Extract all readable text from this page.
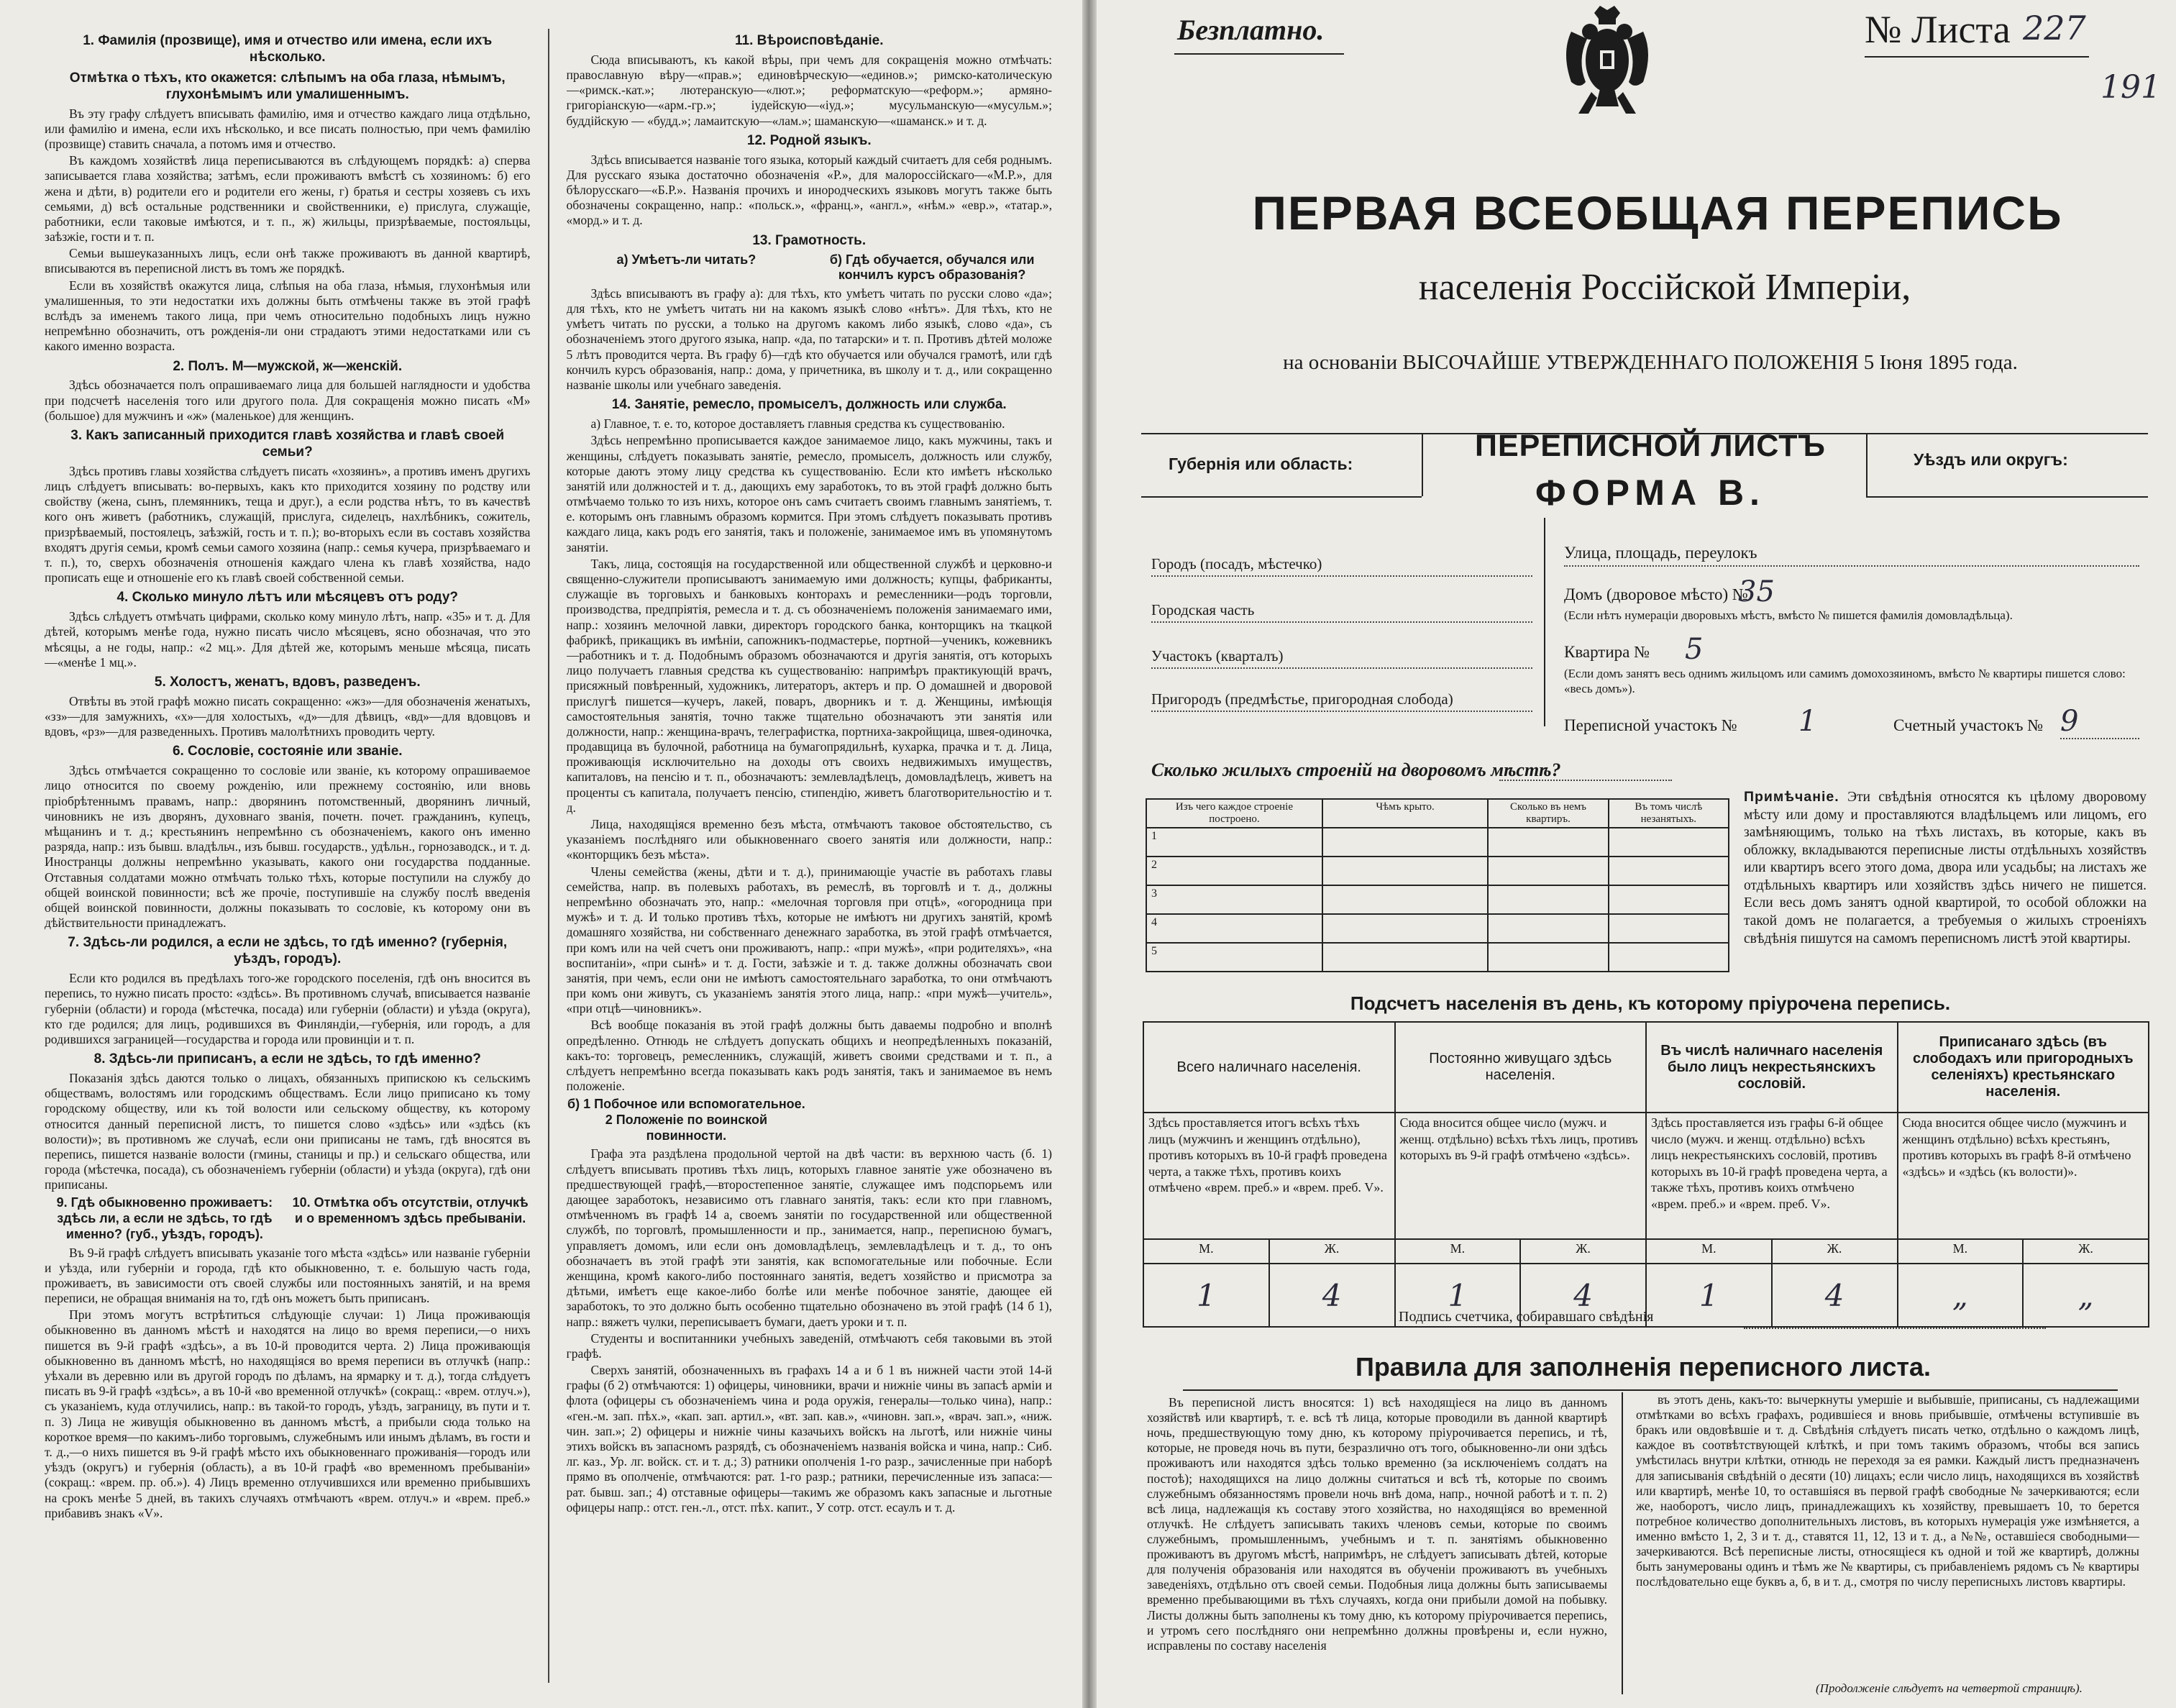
1. Фамилія (прозвище), имя и отчество или имена, если ихъ нѣсколько.
Отмѣтка о тѣхъ, кто окажется: слѣпымъ на оба глаза, нѣмымъ, глухонѣмымъ или умалишеннымъ.

Въ эту графу слѣдуетъ вписывать фамилію, имя и отчество каждаго лица отдѣльно, или фамилію и имена, если ихъ нѣсколько, и все писать полностью, при чемъ фамилію (прозвище) ставить сначала, а потомъ имя и отчество.

Въ каждомъ хозяйствѣ лица переписываются въ слѣдующемъ порядкѣ: а) сперва записывается глава хозяйства; затѣмъ, если проживаютъ вмѣстѣ съ хозяиномъ: б) его жена и дѣти, в) родители его и родители его жены, г) братья и сестры хозяевъ съ ихъ семьями, д) всѣ остальные родственники и свойственники, е) прислуга, служащіе, работники, если таковые имѣются, и т. п., ж) жильцы, призрѣваемые, постояльцы, заѣзжіе, гости и т. п.

Семьи вышеуказанныхъ лицъ, если онѣ также проживаютъ въ данной квартирѣ, вписываются въ переписной листъ въ томъ же порядкѣ.

Если въ хозяйствѣ окажутся лица, слѣпыя на оба глаза, нѣмыя, глухонѣмыя или умалишенныя, то эти недостатки ихъ должны быть отмѣчены также въ этой графѣ вслѣдъ за именемъ такого лица, при чемъ относительно подобныхъ лицъ нужно непремѣнно обозначить, отъ рожденія-ли они страдаютъ этими недостатками или съ какого именно возраста.

2. Полъ. М—мужской, ж—женскій.

Здѣсь обозначается полъ опрашиваемаго лица для большей наглядности и удобства при подсчетѣ населенія того или другого пола. Для сокращенія можно писать «М» (большое) для мужчинъ и «ж» (маленькое) для женщинъ.

3. Какъ записанный приходится главѣ хозяйства и главѣ своей семьи?

Здѣсь противъ главы хозяйства слѣдуетъ писать «хозяинъ», а противъ именъ другихъ лицъ слѣдуетъ вписывать: во-первыхъ, какъ кто приходится хозяину по родству или свойству (жена, сынъ, племянникъ, теща и друг.), а если родства нѣтъ, то въ качествѣ кого онъ живетъ (работникъ, служащій, прислуга, сиделецъ, нахлѣбникъ, сожитель, призрѣваемый, постоялецъ, заѣзжій, гость и т. п.); во-вторыхъ если въ составъ хозяйства входятъ другія семьи, кромѣ семьи самого хозяина (напр.: семья кучера, призрѣваемаго и т. п.), то, сверхъ обозначенія отношенія каждаго члена къ главѣ хозяйства, надо прописать еще и отношеніе его къ главѣ своей собственной семьи.

4. Сколько минуло лѣтъ или мѣсяцевъ отъ роду?

Здѣсь слѣдуетъ отмѣчать цифрами, сколько кому минуло лѣтъ, напр. «35» и т. д. Для дѣтей, которымъ менѣе года, нужно писать число мѣсяцевъ, ясно обозначая, что это мѣсяцы, а не годы, напр.: «2 мц.». Для дѣтей же, которымъ меньше мѣсяца, писать—«менѣе 1 мц.».

5. Холостъ, женатъ, вдовъ, разведенъ.

Отвѣты въ этой графѣ можно писать сокращенно: «жз»—для обозначенія женатыхъ, «зз»—для замужнихъ, «х»—для холостыхъ, «д»—для дѣвицъ, «вд»—для вдовцовъ и вдовъ, «рз»—для разведенныхъ. Противъ малолѣтнихъ проводить черту.

6. Сословіе, состояніе или званіе.

Здѣсь отмѣчается сокращенно то сословіе или званіе, къ которому опрашиваемое лицо относится по своему рожденію, или прежнему состоянію, или вновь пріобрѣтеннымъ правамъ, напр.: дворянинъ потомственный, дворянинъ личный, чиновникъ не изъ дворянъ, духовнаго званія, почетн. почет. гражданинъ, купецъ, мѣщанинъ и т. д.; крестьянинъ непремѣнно съ обозначеніемъ, какого онъ именно разряда, напр.: изъ бывш. владѣльч., изъ бывш. государств., удѣльн., горнозаводск., и т. д. Иностранцы должны непремѣнно указывать, какого они государства подданные. Отставныя солдатами можно отмѣчать только тѣхъ, которые поступили на службу до общей воинской повинности; всѣ же прочіе, поступившіе на службу послѣ введенія общей воинской повинности, должны показывать то сословіе, къ которому они въ дѣйствительности принадлежатъ.

7. Здѣсь-ли родился, а если не здѣсь, то гдѣ именно? (губернія, уѣздъ, городъ).

Если кто родился въ предѣлахъ того-же городского поселенія, гдѣ онъ вносится въ перепись, то нужно писать просто: «здѣсь». Въ противномъ случаѣ, вписывается названіе губерніи (области) и города (мѣстечка, посада) или губерніи (области) и уѣзда (округа), кто где родился; для лицъ, родившихся въ Финляндіи,—губернія, или городъ, а для родившихся заграницей—государства и города или провинціи и т. п.

8. Здѣсь-ли приписанъ, а если не здѣсь, то гдѣ именно?

Показанія здѣсь даются только о лицахъ, обязанныхъ припискою къ сельскимъ обществамъ, волостямъ или городскимъ обществамъ. Если лицо приписано къ тому городскому обществу, или къ той волости или сельскому обществу, къ которому относится данный переписной листъ, то пишется слово «здѣсь» или «здѣсь (къ волости)»; въ противномъ же случаѣ, если они приписаны не тамъ, гдѣ вносятся въ перепись, пишется названіе волости (гмины, станицы и пр.) и сельскаго общества, или города (мѣстечка, посада), съ обозначеніемъ губерніи (области) и уѣзда (округа), гдѣ они приписаны.

9. Гдѣ обыкновенно проживаетъ: здѣсь ли, а если не здѣсь, то гдѣ именно? (губ., уѣздъ, городъ).
10. Отмѣтка объ отсутствіи, отлучкѣ и о временномъ здѣсь пребываніи.

Въ 9-й графѣ слѣдуетъ вписывать указаніе того мѣста «здѣсь» или названіе губерніи и уѣзда, или губерніи и города, гдѣ кто обыкновенно, т. е. большую часть года, проживаетъ, въ зависимости отъ своей службы или постоянныхъ занятій, и на время переписи, не обращая вниманія на то, гдѣ онъ можетъ быть приписанъ.

При этомъ могутъ встрѣтиться слѣдующіе случаи: 1) Лица проживающія обыкновенно въ данномъ мѣстѣ и находятся на лицо во время переписи,—о нихъ пишется въ 9-й графѣ «здѣсь», а въ 10-й проводится черта. 2) Лица проживающія обыкновенно въ данномъ мѣстѣ, но находящіяся во время переписи въ отлучкѣ (напр.: уѣхали въ деревню или въ другой городъ по дѣламъ, на ярмарку и т. д.), тогда слѣдуетъ писать въ 9-й графѣ «здѣсь», а въ 10-й «во временной отлучкѣ» (сокращ.: «врем. отлуч.»), съ указаніемъ, куда отлучились, напр.: въ такой-то городъ, уѣздъ, заграницу, въ пути и т. п. 3) Лица не живущія обыкновенно въ данномъ мѣстѣ, а прибыли сюда только на короткое время—по какимъ-либо торговымъ, служебнымъ или инымъ дѣламъ, въ гости и т. д.,—о нихъ пишется въ 9-й графѣ мѣсто ихъ обыкновеннаго проживанія—городъ или уѣздъ (округъ) и губернія (область), а въ 10-й графѣ «во временномъ пребываніи» (сокращ.: «врем. пр. об.»). 4) Лицъ временно отлучившихся или временно прибывшихъ на срокъ менѣе 5 дней, въ такихъ случаяхъ отмѣчаютъ «врем. отлуч.» и «врем. преб.» прибавивъ знакъ «V».

11. Вѣроисповѣданіе.

Сюда вписываютъ, къ какой вѣры, при чемъ для сокращенія можно отмѣчать: православную вѣру—«прав.»; единовѣрческую—«единов.»; римско-католическую—«римск.-кат.»; лютеранскую—«лют.»; реформатскую—«реформ.»; армяно-григоріанскую—«арм.-гр.»; іудейскую—«іуд.»; мусульманскую—«мусульм.»; буддійскую — «будд.»; ламаитскую—«лам.»; шаманскую—«шаманск.» и т. д.

12. Родной языкъ.

Здѣсь вписывается названіе того языка, который каждый считаетъ для себя роднымъ. Для русскаго языка достаточно обозначенія «Р.», для малороссійскаго—«М.Р.», для бѣлорусскаго—«Б.Р.». Названія прочихъ и инородческихъ языковъ могутъ также быть обозначены сокращенно, напр.: «польск.», «франц.», «англ.», «нѣм.» «евр.», «татар.», «морд.» и т. д.

13. Грамотность.
а) Умѣетъ-ли читать?	б) Гдѣ обучается, обучался или кончилъ курсъ образованія?

Здѣсь вписываютъ въ графу а): для тѣхъ, кто умѣетъ читать по русски слово «да»; для тѣхъ, кто не умѣетъ читать ни на какомъ языкѣ слово «нѣтъ». Для тѣхъ, кто не умѣетъ читать по русски, а только на другомъ какомъ либо языкѣ, слово «да», съ обозначеніемъ этого другого языка, напр. «да, по татарски» и т. п. Противъ дѣтей моложе 5 лѣтъ проводится черта. Въ графу б)—гдѣ кто обучается или обучался грамотѣ, или гдѣ кончилъ курсъ образованія, напр.: дома, у причетника, въ школу и т. д., или сокращенно названіе школы или учебнаго заведенія.

14. Занятіе, ремесло, промыселъ, должность или служба.

а) Главное, т. е. то, которое доставляетъ главныя средства къ существованію.

Здѣсь непремѣнно прописывается каждое занимаемое лицо, какъ мужчины, такъ и женщины, слѣдуетъ показывать занятіе, ремесло, промыселъ, должность или службу, которые даютъ этому лицу средства къ существованію. Если кто имѣетъ нѣсколько занятій или должностей и т. д., дающихъ ему заработокъ, то въ этой графѣ должно быть отмѣчаемо только то изъ нихъ, которое онъ самъ считаетъ своимъ главнымъ занятіемъ, т. е. которымъ онъ главнымъ образомъ кормится. При этомъ слѣдуетъ показывать противъ каждаго лица, какъ родъ его занятія, такъ и положеніе, занимаемое имъ въ упомянутомъ занятіи.

Такъ, лица, состоящія на государственной или общественной службѣ и церковно-и священно-служители прописываютъ занимаемую ими должность; купцы, фабриканты, служащіе въ торговыхъ и банковыхъ конторахъ и ремесленники—родъ торговли, производства, предпріятія, ремесла и т. д. съ обозначеніемъ положенія занимаемаго ими, напр.: хозяинъ мелочной лавки, директоръ городского банка, конторщикъ на ткацкой фабрикѣ, прикащикъ въ имѣніи, сапожникъ-подмастерье, портной—ученикъ, кожевникъ—работникъ и т. д. Подобнымъ образомъ обозначаются и другія занятія, отъ которыхъ лицо получаетъ главныя средства къ существованію: напримѣръ практикующій врачъ, присяжный повѣренный, художникъ, литераторъ, актеръ и пр. О домашней и дворовой прислугѣ пишется—кучеръ, лакей, поваръ, дворникъ и т. д. Женщины, имѣющія самостоятельныя занятія, точно также тщательно обозначаютъ эти занятія или должности, напр.: женщина-врачъ, телеграфистка, портниха-закройщица, швея-одиночка, продавщица въ булочной, работница на бумагопрядильнѣ, кухарка, прачка и т. д. Лица, проживающія исключительно на доходы отъ своихъ недвижимыхъ имуществъ, капиталовъ, на пенсію и т. п., обозначаютъ: землевладѣлецъ, домовладѣлецъ, живетъ на проценты съ капитала, получаетъ пенсію, стипендію, живетъ благотворительностію и т. д.

Лица, находящіяся временно безъ мѣста, отмѣчаютъ таковое обстоятельство, съ указаніемъ послѣдняго или обыкновеннаго своего занятія или должности, напр.: «конторщикъ безъ мѣста».

Члены семейства (жены, дѣти и т. д.), принимающіе участіе въ работахъ главы семейства, напр. въ полевыхъ работахъ, въ ремеслѣ, въ торговлѣ и т. д., должны непремѣнно обозначать это, напр.: «мелочная торговля при отцѣ», «огородница при мужѣ» и т. д. И только противъ тѣхъ, которые не имѣютъ ни другихъ занятій, кромѣ домашняго хозяйства, ни собственнаго денежнаго заработка, въ этой графѣ отмѣчается, при комъ или на чей счетъ они проживаютъ, напр.: «при мужѣ», «при родителяхъ», «на воспитаніи», «при сынѣ» и т. д. Гости, заѣзжіе и т. д. также должны обозначать свои занятія, при чемъ, если они не имѣютъ самостоятельнаго заработка, то они отмѣчаютъ при комъ они живутъ, съ указаніемъ занятія этого лица, напр.: «при мужѣ—учитель», «при отцѣ—чиновникъ».

Всѣ вообще показанія въ этой графѣ должны быть даваемы подробно и вполнѣ опредѣленно. Отнюдь не слѣдуетъ допускать общихъ и неопредѣленныхъ показаній, какъ-то: торговецъ, ремесленникъ, служащій, живетъ своими средствами и т. п., а слѣдуетъ непремѣнно всегда показывать какъ родъ занятія, такъ и занимаемое въ немъ положеніе.

б) 1 Побочное или вспомогательное. 2 Положеніе по воинской повинности.

Графа эта раздѣлена продольной чертой на двѣ части: въ верхнюю часть (б. 1) слѣдуетъ вписывать противъ тѣхъ лицъ, которыхъ главное занятіе уже обозначено въ предшествующей графѣ,—второстепенное занятіе, служащее имъ подспорьемъ или дающее заработокъ, независимо отъ главнаго занятія, такъ: если кто при главномъ, отмѣченномъ въ графѣ 14 а, своемъ занятіи по государственной или общественной службѣ, по торговлѣ, промышленности и пр., занимается, напр., переписною бумагъ, управляетъ домомъ, или если онъ домовладѣлецъ, землевладѣлецъ и т. д., то онъ обозначаетъ въ этой графѣ эти занятія, как вспомогательные или побочные. Если женщина, кромѣ какого-либо постояннаго занятія, ведетъ хозяйство и присмотра за дѣтьми, имѣетъ еще какое-либо болѣе или менѣе побочное занятіе, дающее ей заработокъ, то это должно быть особенно тщательно обозначено въ этой графѣ (14 б 1), напр.: вяжетъ чулки, переписываетъ бумаги, даетъ уроки и т. п.

Студенты и воспитанники учебныхъ заведеній, отмѣчаютъ себя таковыми въ этой графѣ.

Сверхъ занятій, обозначенныхъ въ графахъ 14 а и б 1 въ нижней части этой 14-й графы (б 2) отмѣчаются: 1) офицеры, чиновники, врачи и нижніе чины въ запасѣ арміи и флота (офицеры съ обозначеніемъ чина и рода оружія, генералы—только чина), напр.: «ген.-м. зап. пѣх.», «кап. зап. артил.», «вт. зап. кав.», «чиновн. зап.», «врач. зап.», «ниж. чин. зап.»; 2) офицеры и нижніе чины казачьихъ войскъ на льготѣ, или нижніе чины этихъ войскъ въ запасномъ разрядѣ, съ обозначеніемъ названія войска и чина, напр.: Сиб. лг. каз., Ур. лг. войск. ст. и т. д.; 3) ратники ополченія 1-го разр., зачисленные при наборѣ прямо въ ополченіе, отмѣчаются: рат. 1-го разр.; ратники, перечисленные изъ запаса:—рат. бывш. зап.; 4) отставные офицеры—такимъ же образомъ какъ запасные и льготные офицеры напр.: отст. ген.-л., отст. пѣх. капит., У сотр. отст. есаулъ и т. д.

Безплатно.	№ Листа 227
191
ПЕРВАЯ ВСЕОБЩАЯ ПЕРЕПИСЬ
населенія Россійской Имперіи,
на основаніи ВЫСОЧАЙШЕ УТВЕРЖДЕННАГО ПОЛОЖЕНІЯ 5 Іюня 1895 года.
Губернія или область:
ПЕРЕПИСНОЙ ЛИСТЪ
ФОРМА В.
Уѣздъ или округъ:
Городъ (посадъ, мѣстечко)
Городская часть
Участокъ (кварталъ)
Пригородъ (предмѣстье, пригородная слобода)
Улица, площадь, переулокъ
Домъ (дворовое мѣсто) №
35
(Если нѣтъ нумераціи дворовыхъ мѣстъ, вмѣсто № пишется фамилія домовладѣльца).
Квартира № 5
(Если домъ занятъ весь однимъ жильцомъ или самимъ домохозяиномъ, вмѣсто № квартиры пишется слово: «весь домъ»).
Переписной участокъ № 1	Счетный участокъ № 9
Сколько жилыхъ строеній на дворовомъ мѣстѣ?
Изъ чего каждое строеніе построено.	Чѣмъ крыто.	Сколько въ немъ квартиръ.	Въ томъ числѣ незанятыхъ.
1			
2			
3			
4			
5			
Примѣчаніе. Эти свѣдѣнія относятся къ цѣлому дворовому мѣсту или дому и проставляются владѣльцемъ или лицомъ, его замѣняющимъ, только на тѣхъ листахъ, въ которые, какъ въ обложку, вкладываются переписные листы отдѣльныхъ хозяйствъ или квартиръ всего этого дома, двора или усадьбы; на листахъ же отдѣльныхъ квартиръ или хозяйствъ здѣсь ничего не пишется. Если весь домъ занятъ одной квартирой, то особой обложки на такой домъ не полагается, а требуемыя о жилыхъ строеніяхъ свѣдѣнія пишутся на самомъ переписномъ листѣ этой квартиры.
Подсчетъ населенія въ день, къ которому пріурочена перепись.
Всего наличнаго населенія.		Постоянно живущаго здѣсь населенія.		Въ числѣ наличнаго населенія было лицъ некрестьянскихъ сословій.		Приписанаго здѣсь (въ слободахъ или пригородныхъ селеніяхъ) крестьянскаго населенія.	
Здѣсь проставляется итогъ всѣхъ тѣхъ лицъ (мужчинъ и женщинъ отдѣльно), противъ которыхъ въ 10-й графѣ проведена черта, а также тѣхъ, противъ коихъ отмѣчено «врем. преб.» и «врем. преб. V».		Сюда вносится общее число (мужч. и женщ. отдѣльно) всѣхъ тѣхъ лицъ, противъ которыхъ въ 9-й графѣ отмѣчено «здѣсь».		Здѣсь проставляется изъ графы 6-й общее число (мужч. и женщ. отдѣльно) всѣхъ лицъ некрестьянскихъ сословій, противъ которыхъ въ 10-й графѣ проведена черта, а также тѣхъ, противъ коихъ отмѣчено «врем. преб.» и «врем. преб. V».		Сюда вносится общее число (мужчинъ и женщинъ отдѣльно) всѣхъ крестьянъ, противъ которыхъ въ графѣ 8-й отмѣчено «здѣсь» и «здѣсь (къ волости)».	
М.	Ж.	М.	Ж.	М.	Ж.	М.	Ж.
1	4	1	4	1	4	„	„
Подпись счетчика, собиравшаго свѣдѣнія
Правила для заполненія переписного листа.

Въ переписной листъ вносятся: 1) всѣ находящіеся на лицо въ данномъ хозяйствѣ или квартирѣ, т. е. всѣ тѣ лица, которые проводили въ данной квартирѣ ночь, предшествующую тому дню, къ которому пріурочивается перепись, и тѣ, которые, не проведя ночь въ пути, безразлично отъ того, обыкновенно-ли они здѣсь проживаютъ или находятся здѣсь только временно (за исключеніемъ солдатъ на постоѣ); находящихся на лицо должны считаться и всѣ тѣ, которые по своимъ служебнымъ обязанностямъ провели ночь внѣ дома, напр., ночной работѣ и т. п. 2) всѣ лица, надлежащія къ составу этого хозяйства, но находящіяся во временной отлучкѣ. Не слѣдуетъ записывать такихъ членовъ семьи, которые по своимъ служебнымъ, промышленнымъ, учебнымъ и т. п. занятіямъ обыкновенно проживаютъ въ другомъ мѣстѣ, напримѣръ, не слѣдуетъ записывать дѣтей, которые для полученія образованія или находятся въ обученіи проживаютъ въ учебныхъ заведеніяхъ, отдѣльно отъ своей семьи. Подобныя лица должны быть записываемы временно пребывающими въ тѣхъ случаяхъ, когда они прибыли домой на побывку. Листы должны быть заполнены къ тому дню, къ которому пріурочивается перепись, и утромъ сего послѣдняго они непремѣнно должны провѣрены и, если нужно, исправлены по составу населенія

въ этотъ день, какъ-то: вычеркнуты умершіе и выбывшіе, приписаны, съ надлежащими отмѣтками во всѣхъ графахъ, родившіеся и вновь прибывшіе, отмѣчены вступившіе въ бракъ или овдовѣвшіе и т. д. Свѣдѣнія слѣдуетъ писать четко, отдѣльно о каждомъ лицѣ, каждое въ соотвѣтствующей клѣткѣ, и при томъ такимъ образомъ, чтобы вся запись умѣстилась внутри клѣтки, отнюдь не переходя за ея рамки. Каждый листъ предназначенъ для записыванія свѣдѣній о десяти (10) лицахъ; если число лицъ, находящихся въ хозяйствѣ или квартирѣ, менѣе 10, то оставшіяся въ первой графѣ свободные № зачеркиваются; если же, наоборотъ, число лицъ, принадлежащихъ къ хозяйству, превышаетъ 10, то берется потребное количество дополнительныхъ листовъ, въ которыхъ нумерація уже измѣняется, а именно вмѣсто 1, 2, 3 и т. д., ставятся 11, 12, 13 и т. д., а №№, оставшіеся свободными—зачеркиваются. Всѣ переписные листы, относящіеся къ одной и той же квартирѣ, должны быть занумерованы одинъ и тѣмъ же № квартиры, съ прибавленіемъ рядомъ съ № квартиры послѣдовательно еще буквъ а, б, в и т. д., смотря по числу переписныхъ листовъ квартиры.

(Продолженіе слѣдуетъ на четвертой страницѣ).
